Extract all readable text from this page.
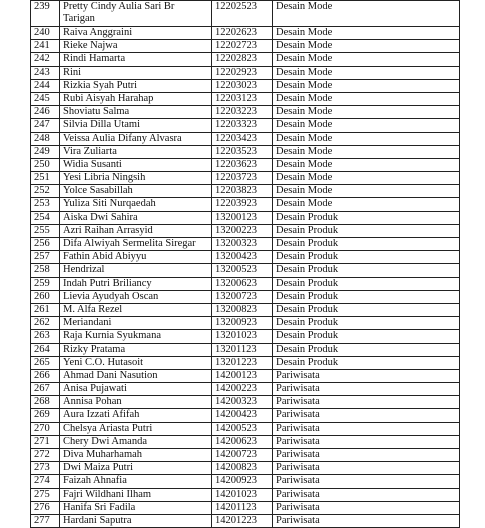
239	Pretty Cindy Aulia Sari Br Tarigan	12202523	Desain Mode
240	Raiva Anggraini	12202623	Desain Mode
241	Rieke Najwa	12202723	Desain Mode
242	Rindi Hamarta	12202823	Desain Mode
243	Rini	12202923	Desain Mode
244	Rizkia Syah Putri	12203023	Desain Mode
245	Rubi Aisyah Harahap	12203123	Desain Mode
246	Shoviatu Salma	12203223	Desain Mode
247	Silvia Dilla Utami	12203323	Desain Mode
248	Veissa Aulia Difany Alvasra	12203423	Desain Mode
249	Vira Zuliarta	12203523	Desain Mode
250	Widia Susanti	12203623	Desain Mode
251	Yesi Libria Ningsih	12203723	Desain Mode
252	Yolce Sasabillah	12203823	Desain Mode
253	Yuliza Siti Nurqaedah	12203923	Desain Mode
254	Aiska Dwi Sahira	13200123	Desain Produk
255	Azri Raihan Arrasyid	13200223	Desain Produk
256	Difa Alwiyah Sermelita Siregar	13200323	Desain Produk
257	Fathin Abid Abiyyu	13200423	Desain Produk
258	Hendrizal	13200523	Desain Produk
259	Indah Putri Briliancy	13200623	Desain Produk
260	Lievia Ayudyah Oscan	13200723	Desain Produk
261	M. Alfa Rezel	13200823	Desain Produk
262	Meriandani	13200923	Desain Produk
263	Raja Kurnia Syukmana	13201023	Desain Produk
264	Rizky Pratama	13201123	Desain Produk
265	Yeni C.O. Hutasoit	13201223	Desain Produk
266	Ahmad Dani Nasution	14200123	Pariwisata
267	Anisa Pujawati	14200223	Pariwisata
268	Annisa Pohan	14200323	Pariwisata
269	Aura Izzati Afifah	14200423	Pariwisata
270	Chelsya Ariasta Putri	14200523	Pariwisata
271	Chery Dwi Amanda	14200623	Pariwisata
272	Diva Muharhamah	14200723	Pariwisata
273	Dwi Maiza Putri	14200823	Pariwisata
274	Faizah Ahnafia	14200923	Pariwisata
275	Fajri Wildhani Ilham	14201023	Pariwisata
276	Hanifa Sri Fadila	14201123	Pariwisata
277	Hardani Saputra	14201223	Pariwisata
